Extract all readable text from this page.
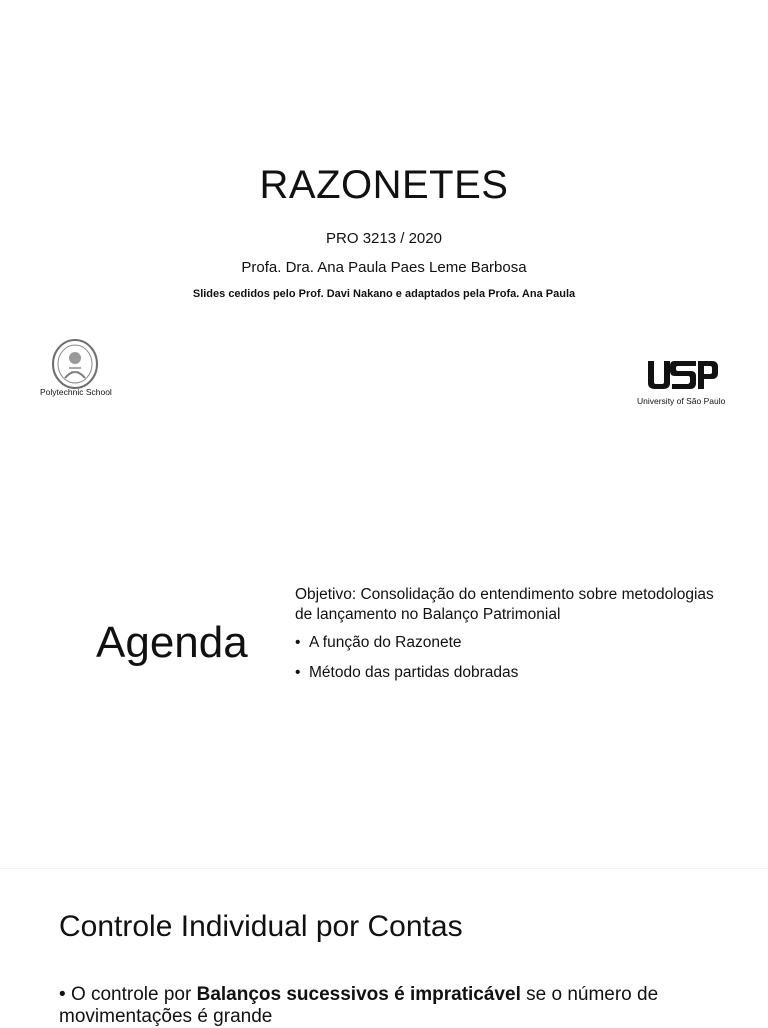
RAZONETES
PRO 3213 / 2020
Profa. Dra. Ana Paula Paes Leme Barbosa
Slides cedidos pelo Prof. Davi Nakano e adaptados pela Profa. Ana Paula
Polytechnic School
University of São Paulo
Agenda
Objetivo: Consolidação do entendimento sobre metodologias de lançamento no Balanço Patrimonial
• A função do Razonete
• Método das partidas dobradas
Controle Individual por Contas
• O controle por Balanços sucessivos é impraticável se o número de movimentações é grande
